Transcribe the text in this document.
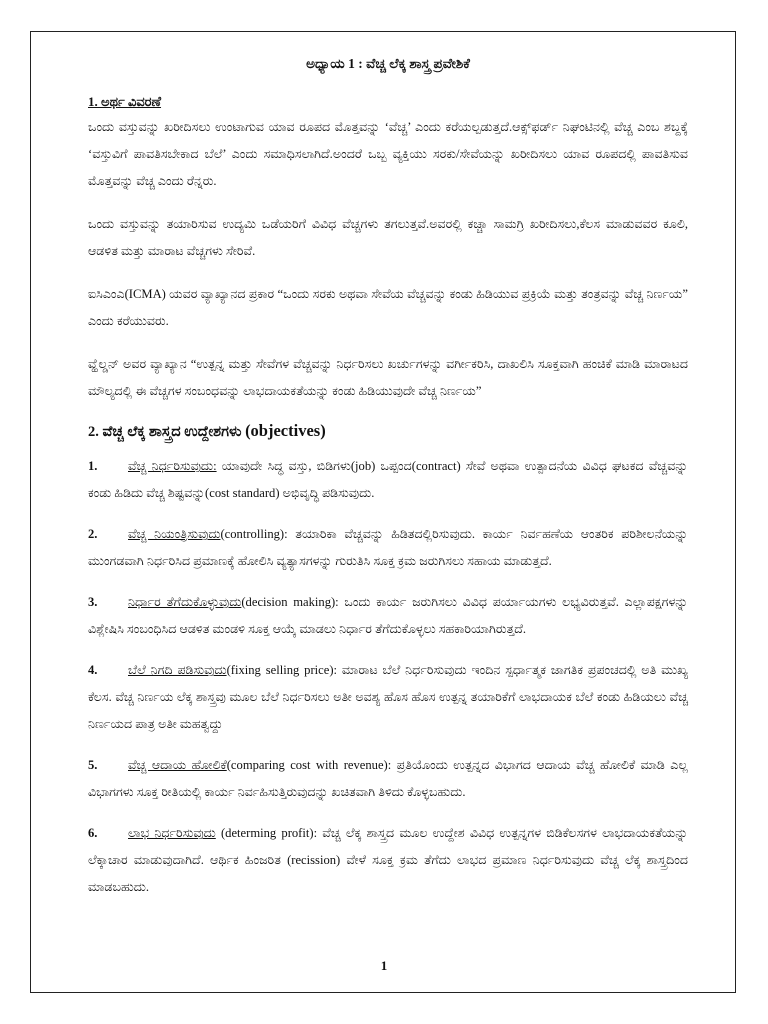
ಅಧ್ಯಾಯ 1 : ವೆಚ್ಚ ಲೆಕ್ಕ ಶಾಸ್ತ್ರ ಪ್ರವೇಶಿಕೆ
1. ಅರ್ಥ ವಿವರಣೆ

ಒಂದು ವಸ್ತುವನ್ನು ಖರೀದಿಸಲು ಉಂಟಾಗುವ ಯಾವ ರೂಪದ ಮೊತ್ತವನ್ನು ‘ವೆಚ್ಚ’ ಎಂದು ಕರೆಯಲ್ಪಡುತ್ತದೆ.ಆಕ್ಸ್‌ಫರ್ಡ್ ನಿಘಂಟಿನಲ್ಲಿ ವೆಚ್ಚ ಎಂಬ ಶಬ್ದಕ್ಕೆ ‘ವಸ್ತುವಿಗೆ ಪಾವತಿಸಬೇಕಾದ ಬೆಲೆ’ ಎಂದು ಸಮಾಧಿಸಲಾಗಿದೆ.ಅಂದರೆ ಒಬ್ಬ ವ್ಯಕ್ತಿಯು ಸರಕು/ಸೇವೆಯನ್ನು ಖರೀದಿಸಲು ಯಾವ ರೂಪದಲ್ಲಿ ಪಾವತಿಸುವ ಮೊತ್ತವನ್ನು ವೆಚ್ಚ ಎಂದು ರೆನ್ನರು.

ಒಂದು ವಸ್ತುವನ್ನು ತಯಾರಿಸುವ ಉದ್ಯಮಿ ಒಡೆಯರಿಗೆ ವಿವಿಧ ವೆಚ್ಚಗಳು ತಗಲುತ್ತವೆ.ಅವರಲ್ಲಿ ಕಚ್ಚಾ ಸಾಮಗ್ರಿ ಖರೀದಿಸಲು,ಕೆಲಸ ಮಾಡುವವರ ಕೂಲಿ, ಆಡಳಿತ ಮತ್ತು ಮಾರಾಟ ವೆಚ್ಚಗಳು ಸೇರಿವೆ.

ಐಸಿಎಂಎ(ICMA) ಯವರ ವ್ಯಾಖ್ಯಾನದ ಪ್ರಕಾರ “ಒಂದು ಸರಕು ಅಥವಾ ಸೇವೆಯ ವೆಚ್ಚವನ್ನು ಕಂಡು ಹಿಡಿಯುವ ಪ್ರಕ್ರಿಯೆ ಮತ್ತು ತಂತ್ರವನ್ನು ವೆಚ್ಚ ನಿರ್ಣಯ” ಎಂದು ಕರೆಯುವರು.

ವ್ಹೆಲ್ಡನ್ ಅವರ ವ್ಯಾಖ್ಯಾನ “ಉತ್ಪನ್ನ ಮತ್ತು ಸೇವೆಗಳ ವೆಚ್ಚವನ್ನು ನಿರ್ಧರಿಸಲು ಖರ್ಚುಗಳನ್ನು ವರ್ಗೀಕರಿಸಿ, ದಾಖಲಿಸಿ ಸೂಕ್ತವಾಗಿ ಹಂಚಿಕೆ ಮಾಡಿ ಮಾರಾಟದ ಮೌಲ್ಯದಲ್ಲಿ ಈ ವೆಚ್ಚಗಳ ಸಂಬಂಧವನ್ನು ಲಾಭದಾಯಕತೆಯನ್ನು ಕಂಡು ಹಿಡಿಯುವುದೇ ವೆಚ್ಚ ನಿರ್ಣಯ”

2. ವೆಚ್ಚ ಲೆಕ್ಕ ಶಾಸ್ತ್ರದ ಉದ್ದೇಶಗಳು (objectives)
1. ವೆಚ್ಚ ನಿರ್ಧರಿಸುವುದು: ಯಾವುದೇ ಸಿದ್ಧ ವಸ್ತು, ಬಿಡಿಗಳು(job) ಒಪ್ಪಂದ(contract) ಸೇವೆ ಅಥವಾ ಉತ್ಪಾದನೆಯ ವಿವಿಧ ಘಟಕದ ವೆಚ್ಚವನ್ನು ಕಂಡು ಹಿಡಿದು ವೆಚ್ಚ ಶಿಷ್ಟವನ್ನು(cost standard) ಅಭಿವೃದ್ಧಿ ಪಡಿಸುವುದು.
2. ವೆಚ್ಚ ನಿಯಂತ್ರಿಸುವುದು(controlling): ತಯಾರಿಕಾ ವೆಚ್ಚವನ್ನು ಹಿಡಿತದಲ್ಲಿರಿಸುವುದು. ಕಾರ್ಯ ನಿರ್ವಹಣೆಯ ಆಂತರಿಕ ಪರಿಶೀಲನೆಯನ್ನು ಮುಂಗಡವಾಗಿ ನಿರ್ಧರಿಸಿದ ಪ್ರಮಾಣಕ್ಕೆ ಹೋಲಿಸಿ ವ್ಯತ್ಯಾಸಗಳನ್ನು ಗುರುತಿಸಿ ಸೂಕ್ತ ಕ್ರಮ ಜರುಗಿಸಲು ಸಹಾಯ ಮಾಡುತ್ತದೆ.
3. ನಿರ್ಧಾರ ತೆಗೆದುಕೊಳ್ಳುವುದು(decision making): ಒಂದು ಕಾರ್ಯ ಜರುಗಿಸಲು ವಿವಿಧ ಪರ್ಯಾಯಗಳು ಲಭ್ಯವಿರುತ್ತವೆ. ಎಲ್ಲಾಪಕ್ಷಗಳನ್ನು ವಿಶ್ಲೇಷಿಸಿ ಸಂಬಂಧಿಸಿದ ಆಡಳಿತ ಮಂಡಳಿ ಸೂಕ್ತ ಆಯ್ಕೆ ಮಾಡಲು ನಿರ್ಧಾರ ತೆಗೆದುಕೊಳ್ಳಲು ಸಹಕಾರಿಯಾಗಿರುತ್ತದೆ.
4. ಬೆಲೆ ನಿಗದಿ ಪಡಿಸುವುದು(fixing selling price): ಮಾರಾಟ ಬೆಲೆ ನಿರ್ಧರಿಸುವುದು ಇಂದಿನ ಸ್ಪರ್ಧಾತ್ಮಕ ಜಾಗತಿಕ ಪ್ರಪಂಚದಲ್ಲಿ ಅತಿ ಮುಖ್ಯ ಕೆಲಸ. ವೆಚ್ಚ ನಿರ್ಣಯ ಲೆಕ್ಕ ಶಾಸ್ತ್ರವು ಮೂಲ ಬೆಲೆ ನಿರ್ಧರಿಸಲು ಅತೀ ಅವಶ್ಯ ಹೊಸ ಹೊಸ ಉತ್ಪನ್ನ ತಯಾರಿಕೆಗೆ ಲಾಭದಾಯಕ ಬೆಲೆ ಕಂಡು ಹಿಡಿಯಲು ವೆಚ್ಚ ನಿರ್ಣಯದ ಪಾತ್ರ ಅತೀ ಮಹತ್ವದ್ದು
5. ವೆಚ್ಚ ಆದಾಯ ಹೋಲಿಕೆ(comparing cost with revenue): ಪ್ರತಿಯೊಂದು ಉತ್ಪನ್ನದ ವಿಭಾಗದ ಆದಾಯ ವೆಚ್ಚ ಹೋಲಿಕೆ ಮಾಡಿ ಎಲ್ಲ ವಿಭಾಗಗಳು ಸೂಕ್ತ ರೀತಿಯಲ್ಲಿ ಕಾರ್ಯ ನಿರ್ವಹಿಸುತ್ತಿರುವುದನ್ನು ಖಚಿತವಾಗಿ ತಿಳಿದು ಕೊಳ್ಳಬಹುದು.
6. ಲಾಭ ನಿರ್ಧರಿಸುವುದು (determing profit): ವೆಚ್ಚ ಲೆಕ್ಕ ಶಾಸ್ತ್ರದ ಮೂಲ ಉದ್ದೇಶ ವಿವಿಧ ಉತ್ಪನ್ನಗಳ ಬಿಡಿಕೆಲಸಗಳ ಲಾಭದಾಯಕತೆಯನ್ನು ಲೆಕ್ಕಾಚಾರ ಮಾಡುವುದಾಗಿದೆ. ಆರ್ಥಿಕ ಹಿಂಜರಿತ (recission) ವೇಳೆ ಸೂಕ್ತ ಕ್ರಮ ತೆಗೆದು ಲಾಭದ ಪ್ರಮಾಣ ನಿರ್ಧರಿಸುವುದು ವೆಚ್ಚ ಲೆಕ್ಕ ಶಾಸ್ತ್ರದಿಂದ ಮಾಡಬಹುದು.
1
